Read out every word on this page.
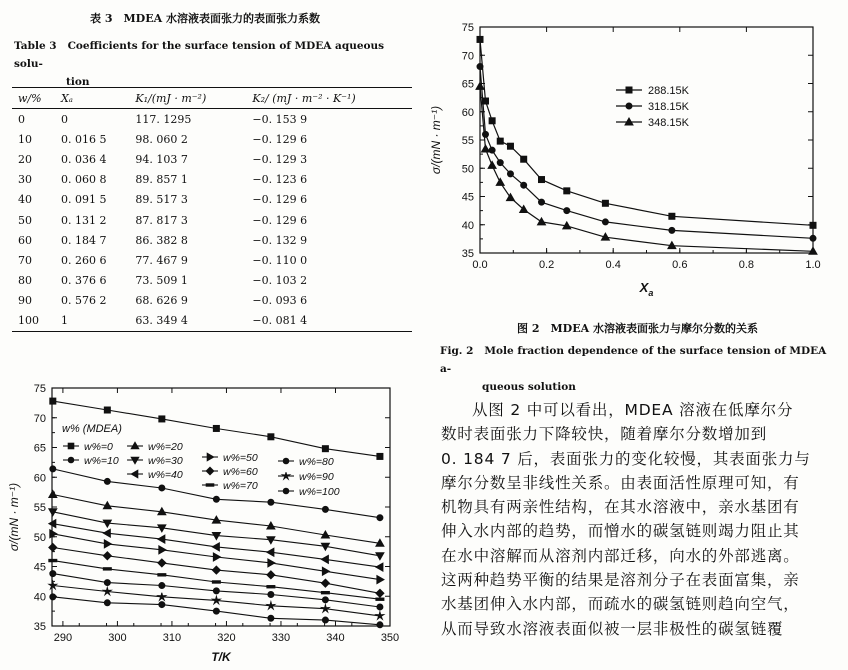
表 3　MDEA 水溶液表面张力的表面张力系数
Table 3 Coefficients for the surface tension of MDEA aqueous solu-
tion
w/%	Xₐ	K₁/(mJ · m⁻²)	K₂/ (mJ · m⁻² · K⁻¹)
0	0	117. 1295	−0. 153 9
10	0. 016 5	98. 060 2	−0. 129 6
20	0. 036 4	94. 103 7	−0. 129 3
30	0. 060 8	89. 857 1	−0. 123 6
40	0. 091 5	89. 517 3	−0. 129 6
50	0. 131 2	87. 817 3	−0. 129 6
60	0. 184 7	86. 382 8	−0. 132 9
70	0. 260 6	77. 467 9	−0. 110 0
80	0. 376 6	73. 509 1	−0. 103 2
90	0. 576 2	68. 626 9	−0. 093 6
100	1	63. 349 4	−0. 081 4
0.0	0.2	0.4	0.6	0.8	1.0
35
40
45
50
55
60
65
70
75
288.15K
318.15K
348.15K
$X_a$
σ/(mN · m⁻¹)
图 2　MDEA 水溶液表面张力与摩尔分数的关系
Fig. 2 Mole fraction dependence of the surface tension of MDEA a-
queous solution
290	300	310	320	330	340	350
35
40
45
50
55
60
65
70
75
w% (MDEA)
w%=0
w%=10
w%=20
w%=30
w%=40
w%=50
w%=60
w%=70
w%=80
w%=90
w%=100
T/K
σ/(mN · m⁻¹)
从图 2 中可以看出，MDEA 溶液在低摩尔分
数时表面张力下降较快，随着摩尔分数增加到
0. 184 7 后，表面张力的变化较慢，其表面张力与
摩尔分数呈非线性关系。由表面活性原理可知，有
机物具有两亲性结构，在其水溶液中，亲水基团有
伸入水内部的趋势，而憎水的碳氢链则竭力阻止其
在水中溶解而从溶剂内部迁移，向水的外部逃离。
这两种趋势平衡的结果是溶剂分子在表面富集，亲
水基团伸入水内部，而疏水的碳氢链则趋向空气，
从而导致水溶液表面似被一层非极性的碳氢链覆
